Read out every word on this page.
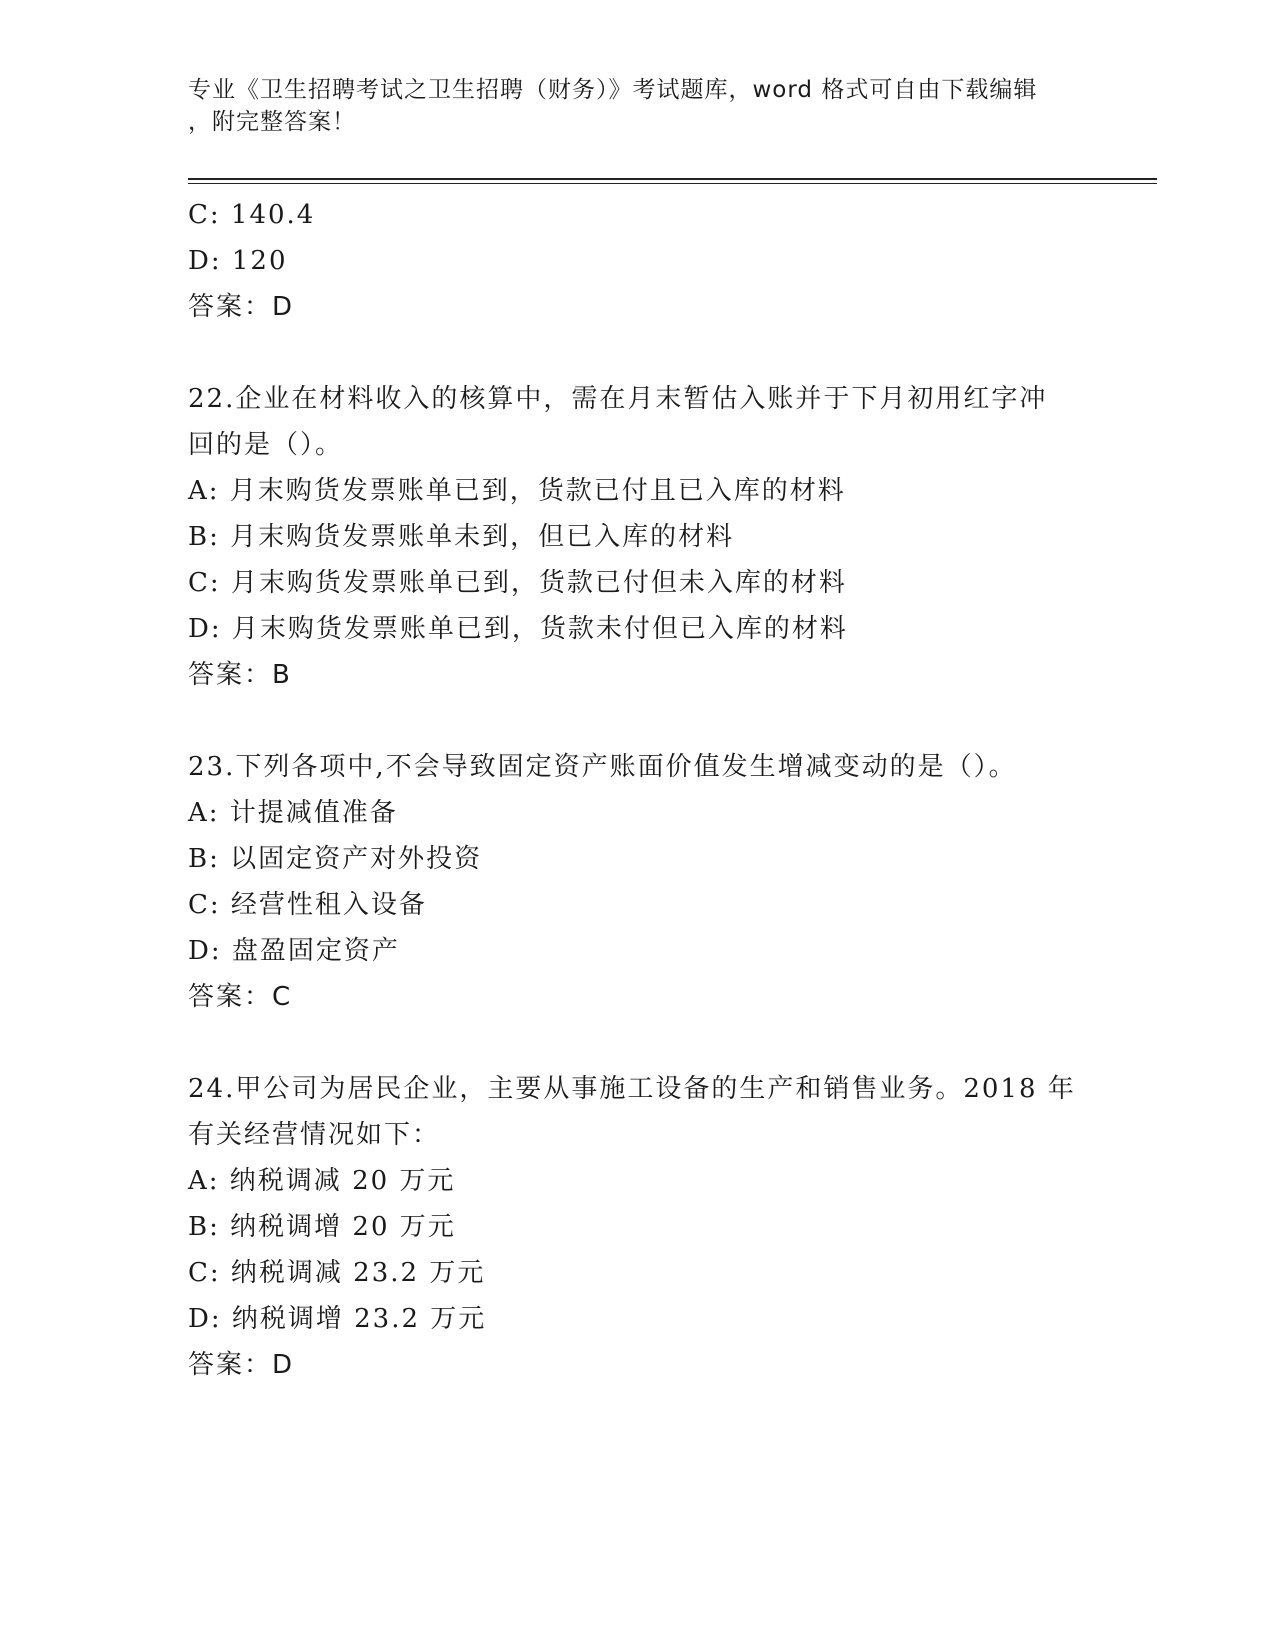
专业《卫生招聘考试之卫生招聘（财务）》考试题库，word 格式可自由下载编辑
，附完整答案！
C: 140.4
D: 120
答案：D
22.企业在材料收入的核算中，需在月末暂估入账并于下月初用红字冲
回的是（）。
A: 月末购货发票账单已到，货款已付且已入库的材料
B: 月末购货发票账单未到，但已入库的材料
C: 月末购货发票账单已到，货款已付但未入库的材料
D: 月末购货发票账单已到，货款未付但已入库的材料
答案：B
23.下列各项中,不会导致固定资产账面价值发生增减变动的是（）。
A: 计提减值准备
B: 以固定资产对外投资
C: 经营性租入设备
D: 盘盈固定资产
答案：C
24.甲公司为居民企业，主要从事施工设备的生产和销售业务。2018 年
有关经营情况如下：
A: 纳税调减 20 万元
B: 纳税调增 20 万元
C: 纳税调减 23.2 万元
D: 纳税调增 23.2 万元
答案：D
